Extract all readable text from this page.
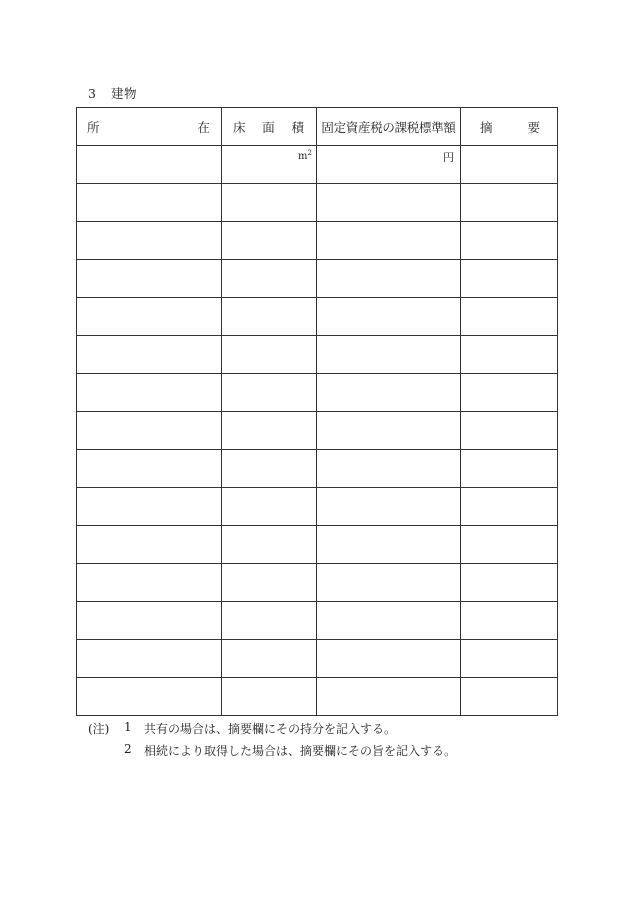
3 建物
所 在	床 面 積	固定資産税の課税標準額	摘 要

	$m^2$	円	

(注)	1	共有の場合は、摘要欄にその持分を記入する。
2	相続により取得した場合は、摘要欄にその旨を記入する。
